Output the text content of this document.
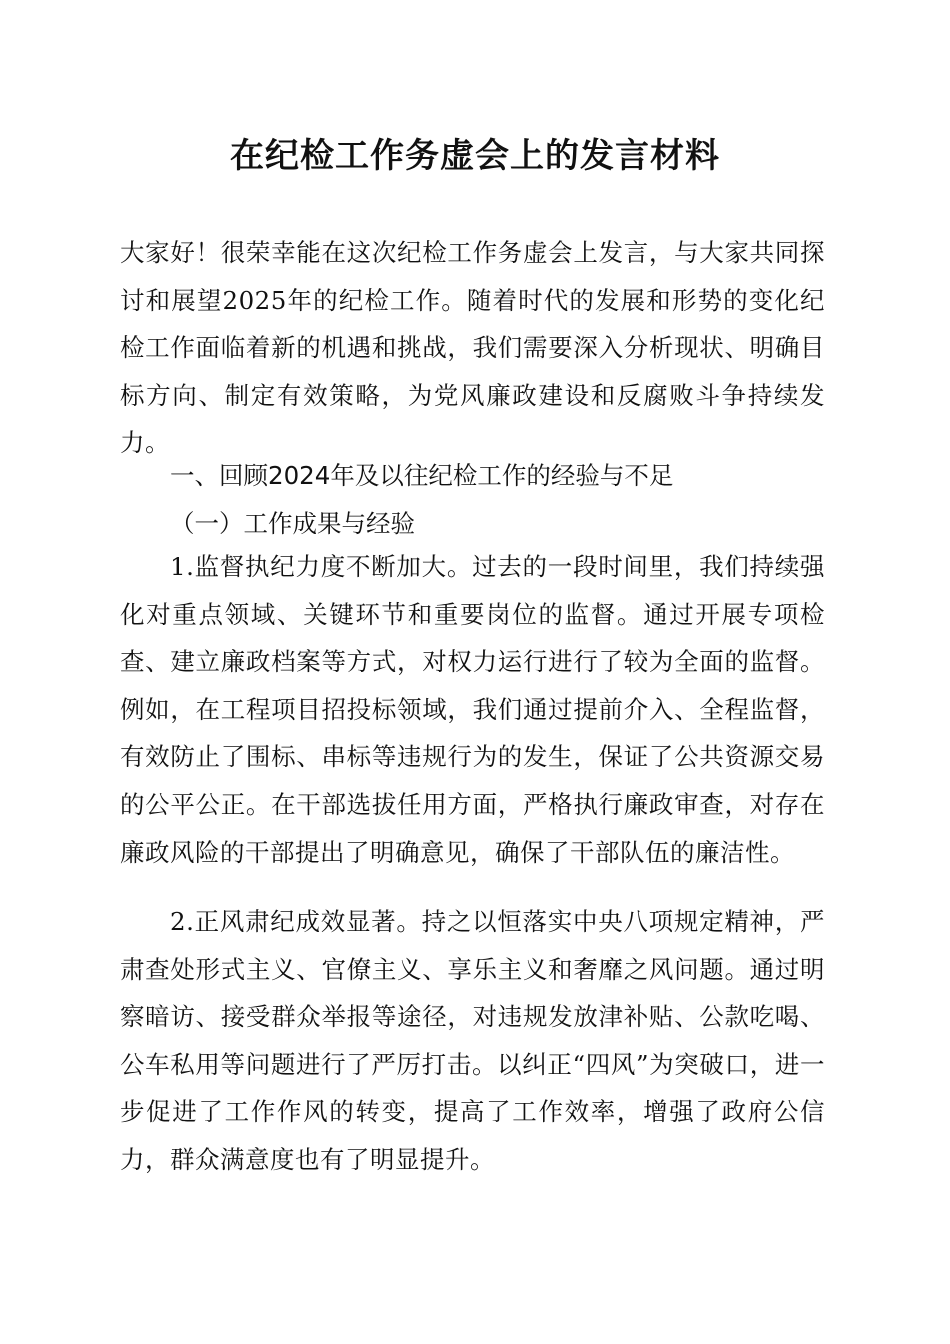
在纪检工作务虚会上的发言材料

大家好！很荣幸能在这次纪检工作务虚会上发言，与大家共同探讨和展望2025年的纪检工作。随着时代的发展和形势的变化纪检工作面临着新的机遇和挑战，我们需要深入分析现状、明确目标方向、制定有效策略，为党风廉政建设和反腐败斗争持续发力。

一、回顾2024年及以往纪检工作的经验与不足

（一）工作成果与经验

1.监督执纪力度不断加大。过去的一段时间里，我们持续强化对重点领域、关键环节和重要岗位的监督。通过开展专项检查、建立廉政档案等方式，对权力运行进行了较为全面的监督。例如，在工程项目招投标领域，我们通过提前介入、全程监督，有效防止了围标、串标等违规行为的发生，保证了公共资源交易的公平公正。在干部选拔任用方面，严格执行廉政审查，对存在廉政风险的干部提出了明确意见，确保了干部队伍的廉洁性。

2.正风肃纪成效显著。持之以恒落实中央八项规定精神，严肃查处形式主义、官僚主义、享乐主义和奢靡之风问题。通过明察暗访、接受群众举报等途径，对违规发放津补贴、公款吃喝、公车私用等问题进行了严厉打击。以纠正“四风”为突破口，进一步促进了工作作风的转变，提高了工作效率，增强了政府公信力，群众满意度也有了明显提升。
